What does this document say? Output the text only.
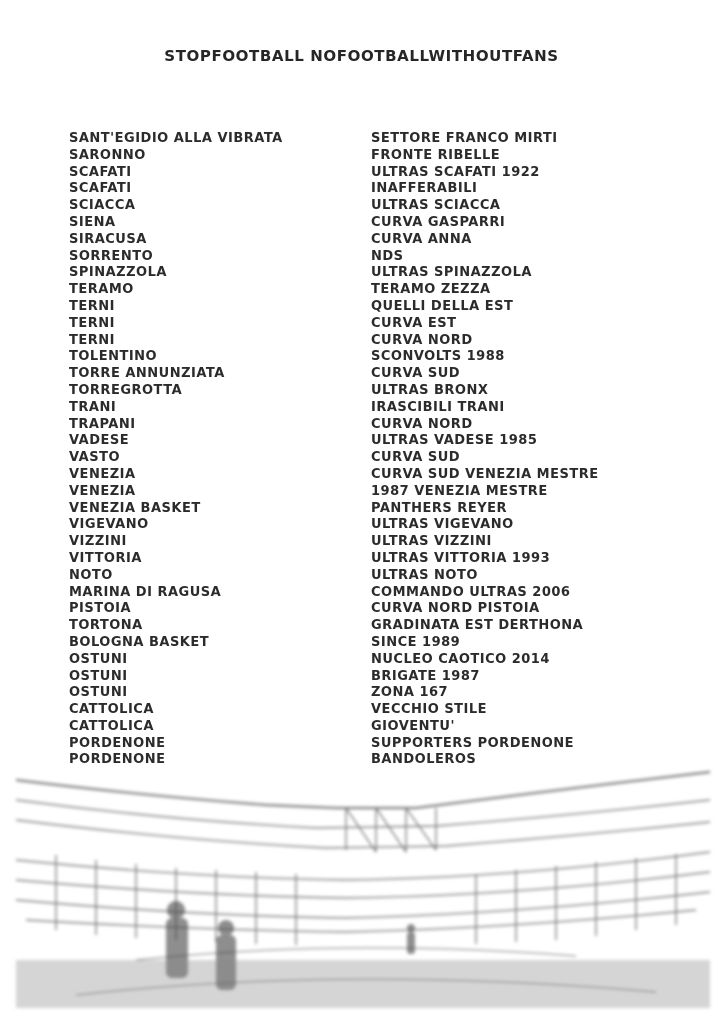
STOPFOOTBALL NOFOOTBALLWITHOUTFANS
SANT'EGIDIO ALLA VIBRATA	SETTORE FRANCO MIRTI
SARONNO	FRONTE RIBELLE
SCAFATI	ULTRAS SCAFATI 1922
SCAFATI	INAFFERABILI
SCIACCA	ULTRAS SCIACCA
SIENA	CURVA GASPARRI
SIRACUSA	CURVA ANNA
SORRENTO	NDS
SPINAZZOLA	ULTRAS SPINAZZOLA
TERAMO	TERAMO ZEZZA
TERNI	QUELLI DELLA EST
TERNI	CURVA EST
TERNI	CURVA NORD
TOLENTINO	SCONVOLTS 1988
TORRE ANNUNZIATA	CURVA SUD
TORREGROTTA	ULTRAS BRONX
TRANI	IRASCIBILI TRANI
TRAPANI	CURVA NORD
VADESE	ULTRAS VADESE 1985
VASTO	CURVA SUD
VENEZIA	CURVA SUD VENEZIA MESTRE
VENEZIA	1987 VENEZIA MESTRE
VENEZIA BASKET	PANTHERS REYER
VIGEVANO	ULTRAS VIGEVANO
VIZZINI	ULTRAS VIZZINI
VITTORIA	ULTRAS VITTORIA 1993
NOTO	ULTRAS NOTO
MARINA DI RAGUSA	COMMANDO ULTRAS 2006
PISTOIA	CURVA NORD PISTOIA
TORTONA	GRADINATA EST DERTHONA
BOLOGNA BASKET	SINCE 1989
OSTUNI	NUCLEO CAOTICO 2014
OSTUNI	BRIGATE 1987
OSTUNI	ZONA 167
CATTOLICA	VECCHIO STILE
CATTOLICA	GIOVENTU'
PORDENONE	SUPPORTERS PORDENONE
PORDENONE	BANDOLEROS
